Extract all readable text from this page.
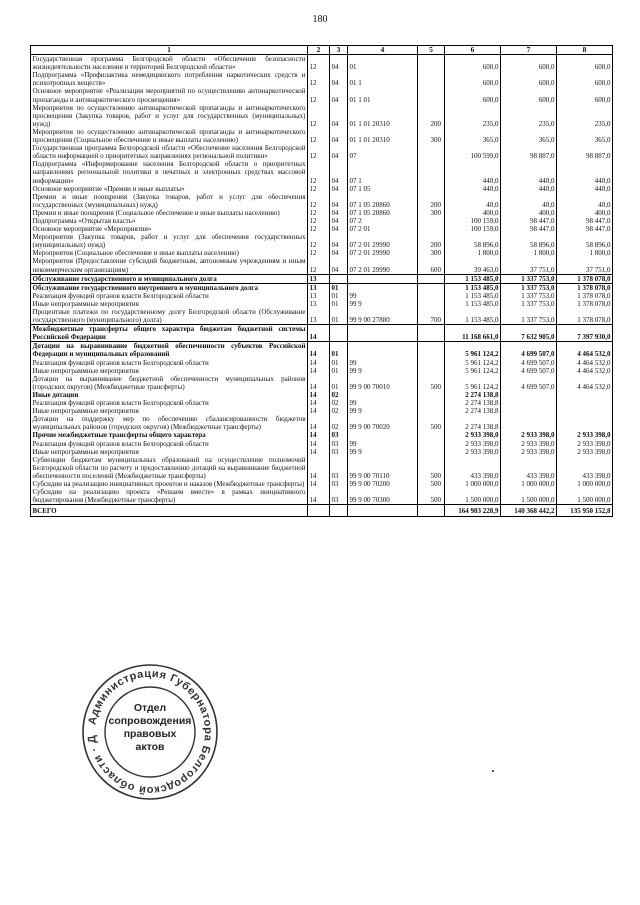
180
1	2	3	4	5	6	7	8
Государственная программа Белгородской области «Обеспечение безопасности жизнедеятельности населения и территорий Белгородской области»	12	04	01		600,0	600,0	600,0
Подпрограмма «Профилактика немедицинского потребления наркотических средств и психотропных веществ»	12	04	01 1		600,0	600,0	600,0
Основное мероприятие «Реализация мероприятий по осуществлению антинаркотической пропаганды и антинаркотического просвещения»	12	04	01 1 01		600,0	600,0	600,0
Мероприятия по осуществлению антинаркотической пропаганды и антинаркотического просвещения (Закупка товаров, работ и услуг для государственных (муниципальных) нужд)	12	04	01 1 01 20310	200	235,0	235,0	235,0
Мероприятия по осуществлению антинаркотической пропаганды и антинаркотического просвещения (Социальное обеспечение и иные выплаты населению)	12	04	01 1 01 20310	300	365,0	365,0	365,0
Государственная программа Белгородской области «Обеспечение населения Белгородской области информацией о приоритетных направлениях региональной политики»	12	04	07		100 599,0	98 887,0	98 887,0
Подпрограмма «Информирование населения Белгородской области о приоритетных направлениях региональной политики в печатных и электронных средствах массовой информации»	12	04	07 1		440,0	440,0	440,0
Основное мероприятие «Премии и иные выплаты»	12	04	07 1 05		440,0	440,0	440,0
Премии и иные поощрения (Закупка товаров, работ и услуг для обеспечения государственных (муниципальных) нужд)	12	04	07 1 05 20860	200	40,0	40,0	40,0
Премии и иные поощрения (Социальное обеспечение и иные выплаты населению)	12	04	07 1 05 20860	300	400,0	400,0	400,0
Подпрограмма «Открытая власть»	12	04	07 2		100 159,0	98 447,0	98 447,0
Основное мероприятие «Мероприятия»	12	04	07 2 01		100 159,0	98 447,0	98 447,0
Мероприятия (Закупка товаров, работ и услуг для обеспечения государственных (муниципальных) нужд)	12	04	07 2 01 29990	200	58 896,0	58 896,0	58 896,0
Мероприятия (Социальное обеспечение и иные выплаты населению)	12	04	07 2 01 29990	300	1 800,0	1 800,0	1 800,0
Мероприятия (Предоставление субсидий бюджетным, автономным учреждениям и иным некоммерческим организациям)	12	04	07 2 01 29990	600	39 463,0	37 751,0	37 751,0
Обслуживание государственного и муниципального долга	13				1 153 485,0	1 337 753,0	1 378 078,0
Обслуживание государственного внутреннего и муниципального долга	13	01			1 153 485,0	1 337 753,0	1 378 078,0
Реализация функций органов власти Белгородской области	13	01	99		1 153 485,0	1 337 753,0	1 378 078,0
Иные непрограммные мероприятия	13	01	99 9		1 153 485,0	1 337 753,0	1 378 078,0
Процентные платежи по государственному долгу Белгородской области (Обслуживание государственного (муниципального) долга)	13	01	99 9 00 27880	700	1 153 485,0	1 337 753,0	1 378 078,0
Межбюджетные трансферты общего характера бюджетам бюджетной системы Российской Федерации	14				11 168 661,0	7 632 905,0	7 397 930,0
Дотации на выравнивание бюджетной обеспеченности субъектов Российской Федерации и муниципальных образований	14	01			5 961 124,2	4 699 507,0	4 464 532,0
Реализация функций органов власти Белгородской области	14	01	99		5 961 124,2	4 699 507,0	4 464 532,0
Иные непрограммные мероприятия	14	01	99 9		5 961 124,2	4 699 507,0	4 464 532,0
Дотации на выравнивание бюджетной обеспеченности муниципальных районов (городских округов) (Межбюджетные трансферты)	14	01	99 9 00 70010	500	5 961 124,2	4 699 507,0	4 464 532,0
Иные дотации	14	02			2 274 138,8		
Реализация функций органов власти Белгородской области	14	02	99		2 274 138,8		
Иные непрограммные мероприятия	14	02	99 9		2 274 138,8		
Дотации на поддержку мер по обеспечению сбалансированности бюджетов муниципальных районов (городских округов) (Межбюджетные трансферты)	14	02	99 9 00 70020	500	2 274 138,8		
Прочие межбюджетные трансферты общего характера	14	03			2 933 398,0	2 933 398,0	2 933 398,0
Реализация функций органов власти Белгородской области	14	03	99		2 933 398,0	2 933 398,0	2 933 398,0
Иные непрограммные мероприятия	14	03	99 9		2 933 398,0	2 933 398,0	2 933 398,0
Субвенции бюджетам муниципальных образований на осуществление полномочий Белгородской области по расчету и предоставлению дотаций на выравнивание бюджетной обеспеченности поселений (Межбюджетные трансферты)	14	03	99 9 00 70110	500	433 398,0	433 398,0	433 398,0
Субсидии на реализацию инициативных проектов и наказов (Межбюджетные трансферты)	14	03	99 9 00 70200	500	1 000 000,0	1 000 000,0	1 000 000,0
Субсидии на реализацию проекта «Решаем вместе» в рамках инициативного бюджетирования (Межбюджетные трансферты)	14	03	99 9 00 70300	500	1 500 000,0	1 500 000,0	1 500 000,0
ВСЕГО					164 983 228,9	140 368 442,2	135 950 152,8
Администрация Губернатора Белгородской области · Д
Отдел
сопровождения
правовых
актов
